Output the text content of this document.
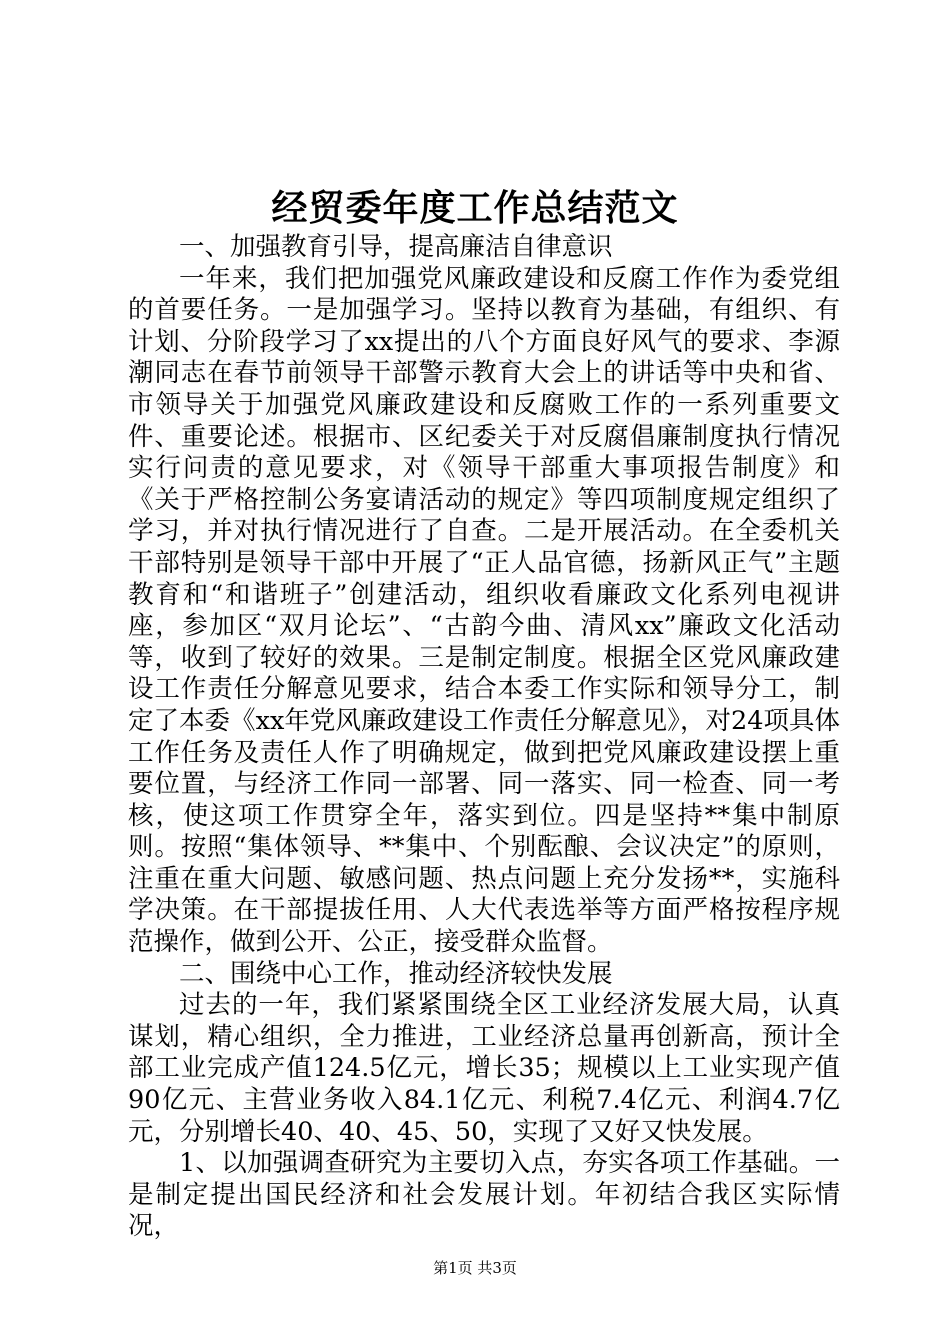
经贸委年度工作总结范文

一、加强教育引导，提高廉洁自律意识

一年来，我们把加强党风廉政建设和反腐工作作为委党组的首要任务。一是加强学习。坚持以教育为基础，有组织、有计划、分阶段学习了xx提出的八个方面良好风气的要求、李源潮同志在春节前领导干部警示教育大会上的讲话等中央和省、市领导关于加强党风廉政建设和反腐败工作的一系列重要文件、重要论述。根据市、区纪委关于对反腐倡廉制度执行情况实行问责的意见要求，对《领导干部重大事项报告制度》和《关于严格控制公务宴请活动的规定》等四项制度规定组织了学习，并对执行情况进行了自查。二是开展活动。在全委机关干部特别是领导干部中开展了“正人品官德，扬新风正气”主题教育和“和谐班子”创建活动，组织收看廉政文化系列电视讲座，参加区“双月论坛”、“古韵今曲、清风xx”廉政文化活动等，收到了较好的效果。三是制定制度。根据全区党风廉政建设工作责任分解意见要求，结合本委工作实际和领导分工，制定了本委《xx年党风廉政建设工作责任分解意见》，对24项具体工作任务及责任人作了明确规定，做到把党风廉政建设摆上重要位置，与经济工作同一部署、同一落实、同一检查、同一考核，使这项工作贯穿全年，落实到位。四是坚持**集中制原则。按照“集体领导、**集中、个别酝酿、会议决定”的原则，注重在重大问题、敏感问题、热点问题上充分发扬**，实施科学决策。在干部提拔任用、人大代表选举等方面严格按程序规范操作，做到公开、公正，接受群众监督。

二、围绕中心工作，推动经济较快发展

过去的一年，我们紧紧围绕全区工业经济发展大局，认真谋划，精心组织，全力推进，工业经济总量再创新高，预计全部工业完成产值124.5亿元，增长35；规模以上工业实现产值90亿元、主营业务收入84.1亿元、利税7.4亿元、利润4.7亿元，分别增长40、40、45、50，实现了又好又快发展。

1、以加强调查研究为主要切入点，夯实各项工作基础。一是制定提出国民经济和社会发展计划。年初结合我区实际情况，

第1页 共3页
